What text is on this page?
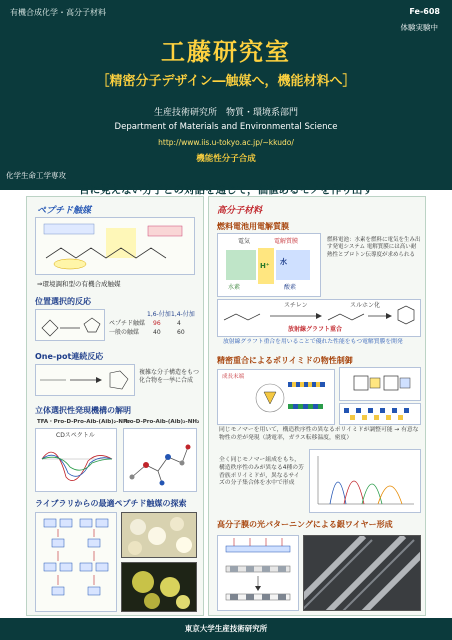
有機合成化学・高分子材料	Fe-608
体験実験中
工藤研究室
［精密分子デザイン―触媒へ，機能材料へ］
生産技術研究所　物質・環境系部門
Department of Materials and Environmental Science
http://www.iis.u-tokyo.ac.jp/~kkudo/
機能性分子合成
化学生命工学専攻
目に見えない分子との対話を通じて，価値あるモノを作り出す
ペプチド触媒
⇒環境調和型の有機合成触媒
位置選択的反応
1,6-付加 1,4-付加
ペプチド触媒 96	4
一般の触媒 40	60
One-pot連続反応
複雑な分子構造をもつ化合物を一挙に合成
立体選択性発現機構の解明
TFA・Pro-D-Pro-Aib-(Aib)₂-NH₂
Pro-D-Pro-Aib-(Aib)₂-NH₂
CDスペクトル
ライブラリからの最適ペプチド触媒の探索
高分子材料
燃料電池用電解質膜
電気	電解質膜
水
H⁺
水素	酸素
燃料電池：水素を燃料に電気を生み出す発電システム 電解質膜には高い耐熱性とプロトン伝導度が求められる
スチレン	スルホン化
放射線グラフト重合
放射線グラフト重合を用いることで優れた性能をもつ電解質膜を開発
精密重合によるポリイミドの物性制御
成長末端
同じモノマーを用いて，構造秩序性の異なるポリイミドが調整可能 → 有意な物性の差が発現（誘電率，ガラス転移温度，密度）
全く同じモノマー組成をもち，構造秩序性のみが異なる4種の芳香族ポリイミドが，異なるサイズの分子集合体を水中で形成
高分子膜の光パターニングによる銀ワイヤー形成
東京大学生産技術研究所
